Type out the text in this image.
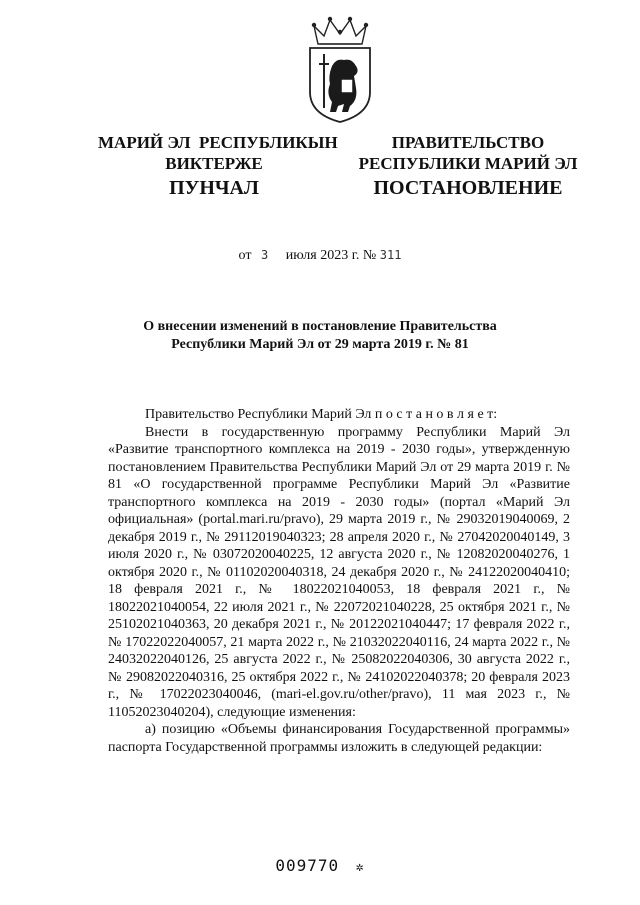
МАРИЙ ЭЛ  РЕСПУБЛИКЫН
ВИКТЕРЖЕ
ПУНЧАЛ
ПРАВИТЕЛЬСТВО
РЕСПУБЛИКИ МАРИЙ ЭЛ
ПОСТАНОВЛЕНИЕ
от 3 июля 2023 г. № 311
О внесении изменений в постановление Правительства
Республики Марий Эл от 29 марта 2019 г. № 81

Правительство Республики Марий Эл п о с т а н о в л я е т:

Внести в государственную программу Республики Марий Эл «Развитие транспортного комплекса на 2019 - 2030 годы», утвержденную постановлением Правительства Республики Марий Эл от 29 марта 2019 г. № 81 «О государственной программе Республики Марий Эл «Развитие транспортного комплекса на 2019 - 2030 годы» (портал «Марий Эл официальная» (portal.mari.ru/pravo), 29 марта 2019 г., № 29032019040069, 2 декабря 2019 г., № 29112019040323; 28 апреля 2020 г., № 27042020040149, 3 июля 2020 г., № 03072020040225, 12 августа 2020 г., № 12082020040276, 1 октября 2020 г., № 01102020040318, 24 декабря 2020 г., № 24122020040410; 18 февраля 2021 г., № 18022021040053, 18 февраля 2021 г., № 18022021040054, 22 июля 2021 г., № 22072021040228, 25 октября 2021 г., № 25102021040363, 20 декабря 2021 г., № 20122021040447; 17 февраля 2022 г., № 17022022040057, 21 марта 2022 г., № 21032022040116, 24 марта 2022 г., № 24032022040126, 25 августа 2022 г., № 25082022040306, 30 августа 2022 г., № 29082022040316, 25 октября 2022 г., № 24102022040378; 20 февраля 2023 г., № 17022023040046, (mari-el.gov.ru/other/pravo), 11 мая 2023 г., № 11052023040204), следующие изменения:

а) позицию «Объемы финансирования Государственной программы» паспорта Государственной программы изложить в следующей редакции:

009770 ✲
